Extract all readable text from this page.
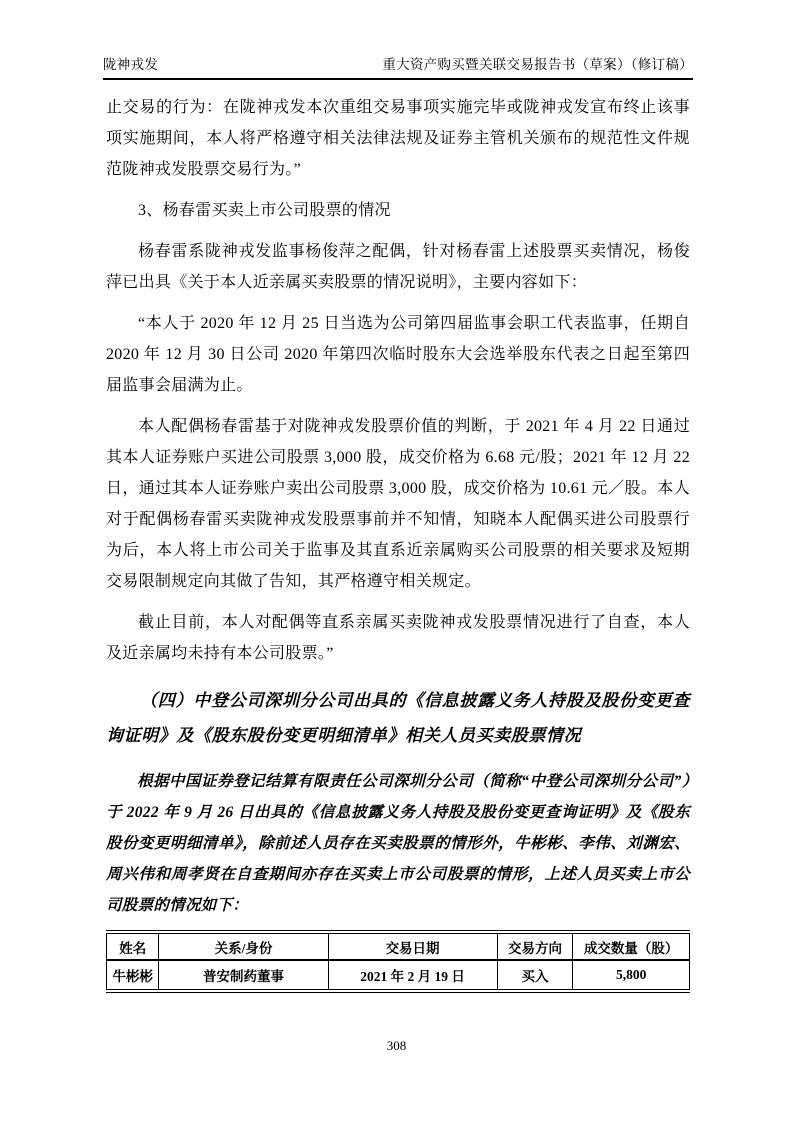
陇神戎发	重大资产购买暨关联交易报告书（草案）（修订稿）

止交易的行为：在陇神戎发本次重组交易事项实施完毕或陇神戎发宣布终止该事项实施期间，本人将严格遵守相关法律法规及证券主管机关颁布的规范性文件规范陇神戎发股票交易行为。”

3、杨春雷买卖上市公司股票的情况

杨春雷系陇神戎发监事杨俊萍之配偶，针对杨春雷上述股票买卖情况，杨俊萍已出具《关于本人近亲属买卖股票的情况说明》，主要内容如下：

“本人于 2020 年 12 月 25 日当选为公司第四届监事会职工代表监事，任期自 2020 年 12 月 30 日公司 2020 年第四次临时股东大会选举股东代表之日起至第四届监事会届满为止。

本人配偶杨春雷基于对陇神戎发股票价值的判断，于 2021 年 4 月 22 日通过其本人证券账户买进公司股票 3,000 股，成交价格为 6.68 元/股；2021 年 12 月 22 日，通过其本人证券账户卖出公司股票 3,000 股，成交价格为 10.61 元／股。本人对于配偶杨春雷买卖陇神戎发股票事前并不知情，知晓本人配偶买进公司股票行为后，本人将上市公司关于监事及其直系近亲属购买公司股票的相关要求及短期交易限制规定向其做了告知，其严格遵守相关规定。

截止目前，本人对配偶等直系亲属买卖陇神戎发股票情况进行了自查，本人及近亲属均未持有本公司股票。”

（四）中登公司深圳分公司出具的《信息披露义务人持股及股份变更查询证明》及《股东股份变更明细清单》相关人员买卖股票情况

根据中国证券登记结算有限责任公司深圳分公司（简称“中登公司深圳分公司”）于 2022 年 9 月 26 日出具的《信息披露义务人持股及股份变更查询证明》及《股东股份变更明细清单》，除前述人员存在买卖股票的情形外，牛彬彬、李伟、刘渊宏、周兴伟和周孝贤在自查期间亦存在买卖上市公司股票的情形，上述人员买卖上市公司股票的情况如下：

姓名	关系/身份	交易日期	交易方向	成交数量（股）
牛彬彬	普安制药董事	2021 年 2 月 19 日	买入	5,800
308
